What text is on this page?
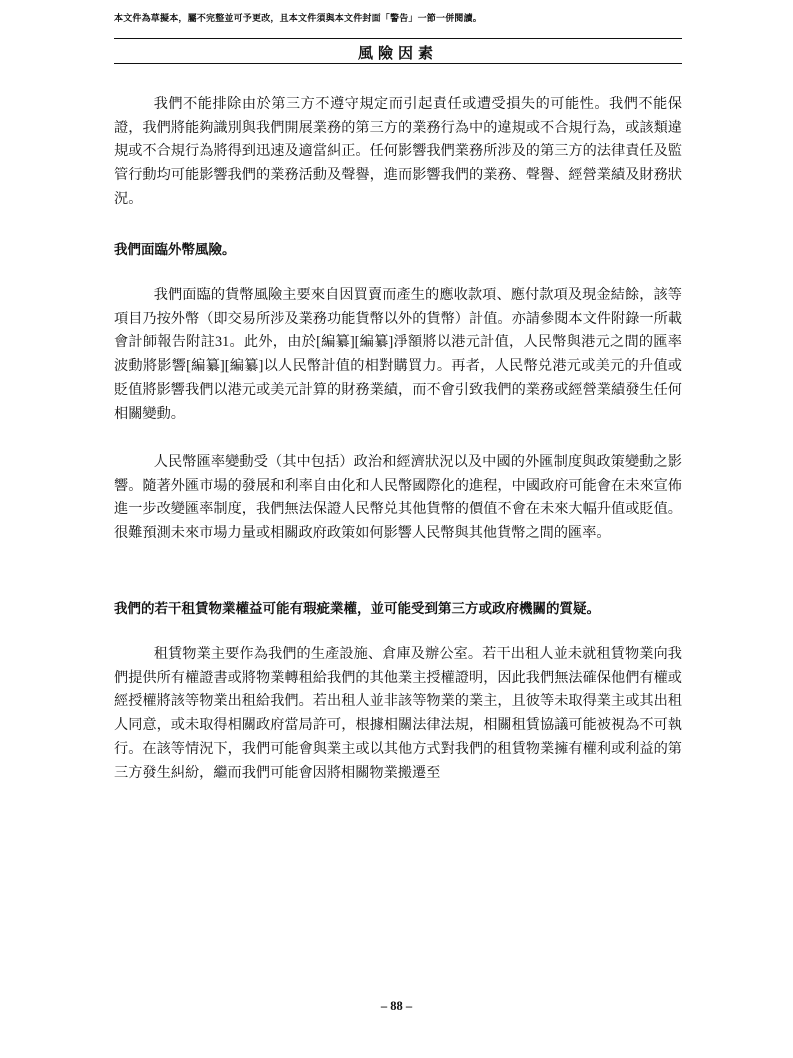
本文件為草擬本，屬不完整並可予更改，且本文件須與本文件封面「警告」一節一併閱讀。
風險因素

我們不能排除由於第三方不遵守規定而引起責任或遭受損失的可能性。我們不能保證，我們將能夠識別與我們開展業務的第三方的業務行為中的違規或不合規行為，或該類違規或不合規行為將得到迅速及適當糾正。任何影響我們業務所涉及的第三方的法律責任及監管行動均可能影響我們的業務活動及聲譽，進而影響我們的業務、聲譽、經營業績及財務狀況。

我們面臨外幣風險。

我們面臨的貨幣風險主要來自因買賣而產生的應收款項、應付款項及現金結餘，該等項目乃按外幣（即交易所涉及業務功能貨幣以外的貨幣）計值。亦請參閱本文件附錄一所載會計師報告附註31。此外，由於[編纂][編纂]淨額將以港元計值，人民幣與港元之間的匯率波動將影響[編纂][編纂]以人民幣計值的相對購買力。再者，人民幣兑港元或美元的升值或貶值將影響我們以港元或美元計算的財務業績，而不會引致我們的業務或經營業績發生任何相關變動。

人民幣匯率變動受（其中包括）政治和經濟狀況以及中國的外匯制度與政策變動之影響。隨著外匯市場的發展和利率自由化和人民幣國際化的進程，中國政府可能會在未來宣佈進一步改變匯率制度，我們無法保證人民幣兑其他貨幣的價值不會在未來大幅升值或貶值。很難預測未來市場力量或相關政府政策如何影響人民幣與其他貨幣之間的匯率。

我們的若干租賃物業權益可能有瑕疵業權，並可能受到第三方或政府機關的質疑。

租賃物業主要作為我們的生產設施、倉庫及辦公室。若干出租人並未就租賃物業向我們提供所有權證書或將物業轉租給我們的其他業主授權證明，因此我們無法確保他們有權或經授權將該等物業出租給我們。若出租人並非該等物業的業主，且彼等未取得業主或其出租人同意，或未取得相關政府當局許可，根據相關法律法規，相關租賃協議可能被視為不可執行。在該等情況下，我們可能會與業主或以其他方式對我們的租賃物業擁有權利或利益的第三方發生糾紛，繼而我們可能會因將相關物業搬遷至

– 88 –
